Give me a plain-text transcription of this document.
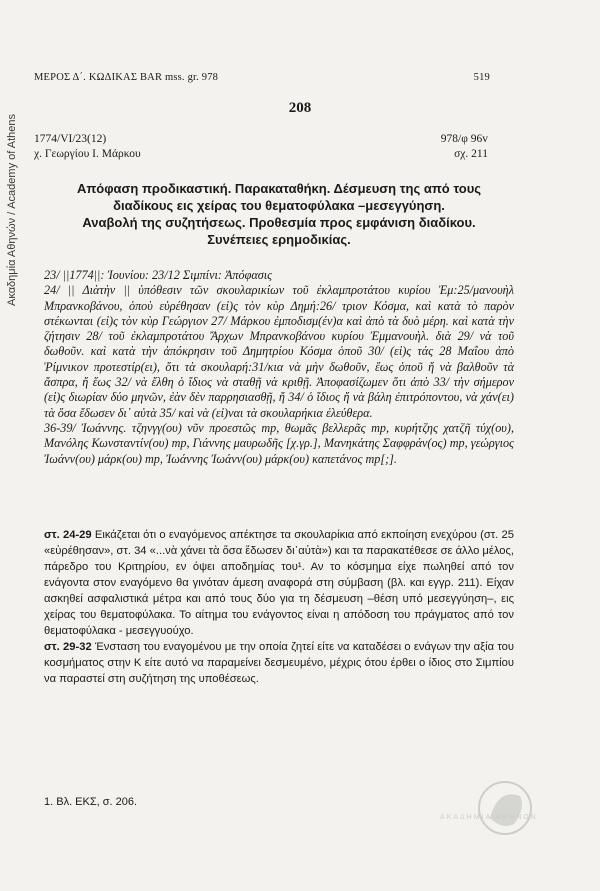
Ακαδημία Αθηνών / Academy of Athens
ΜΕΡΟΣ Δ΄. ΚΩΔΙΚΑΣ BAR mss. gr. 978	519
208
1774/VI/23(12)	978/φ 96v
χ. Γεωργίου Ι. Μάρκου	σχ. 211
Απόφαση προδικαστική. Παρακαταθήκη. Δέσμευση της από τους
διαδίκους εις χείρας του θεματοφύλακα –μεσεγγύηση.
Αναβολή της συζητήσεως. Προθεσμία προς εμφάνιση διαδίκου.
Συνέπειες ερημοδικίας.

23/ ||1774||: Ἰουνίου: 23/12 Σιμπίνι: Ἀπόφασις

24/ || Διὰτὴν || ὑπόθεσιν τῶν σκουλαρικίων τοῦ ἐκλαμπροτάτου κυρίου Ἐμ:25/μανουὴλ Μπρανκοβάνου, ὁποὺ εὑρέθησαν (εἰ)ς τὸν κὺρ Δημή:26/ τριον Κόσμα, καὶ κατὰ τὸ παρὸν στέκωνται (εἰ)ς τὸν κὺρ Γεώργιον 27/ Μάρκου ἐμποδισμ(έν)α καὶ ἀπὸ τὰ δυὸ μέρη. καὶ κατὰ τὴν ζήτησιν 28/ τοῦ ἐκλαμπροτάτου Ἄρχων Μπρανκοβάνου κυρίου Ἐμμανουὴλ. διὰ 29/ νὰ τοῦ δωθοῦν. καὶ κατὰ τὴν ἀπόκρησιν τοῦ Δημητρίου Κόσμα ὁποῦ 30/ (εἰ)ς τάς 28 Μαΐου ἀπὸ Ῥίμνικον προτεστίρ(ει), ὅτι τὰ σκουλαρή:31/κια νὰ μὴν δωθοῦν, ἕως ὁποῦ ἤ νὰ βαλθοῦν τὰ ἄσπρα, ἤ ἕως 32/ νὰ ἔλθη ὁ ἴδιος νὰ σταθῇ νὰ κριθῇ. Ἀποφασίζωμεν ὅτι ἀπὸ 33/ τὴν σήμερον (εἰ)ς διωρίαν δύο μηνῶν, ἐὰν δὲν παρρησιασθῇ, ἤ 34/ ὁ ἴδιος ἤ νὰ βάλη ἐπιτρόποντου, νὰ χάν(ει) τὰ ὅσα ἔδωσεν δι᾽ αὐτὰ 35/ καὶ νὰ (εἰ)ναι τὰ σκουλαρήκια ἐλεύθερα.

36-39/ Ἰωάννης. τζηνγγ(ου) νῦν προεστῶς mp, θωμᾶς βελλερᾶς mp, κυρήτζης χατζῆ τύχ(ου), Μανόλης Κωνσταντίν(ου) mp, Γιάννης μαυρωδῆς [χ.γρ.], Μανηκάτης Σαφφράν(ος) mp, γεώργιος Ἰωάνν(ου) μάρκ(ου) mp, Ἰωάννης Ἰωάνν(ου) μάρκ(ου) καπετάνος mp[;].

στ. 24-29 Εικάζεται ότι ο εναγόμενος απέκτησε τα σκουλαρίκια από εκποίηση ενεχύρου (στ. 25 «εὑρέθησαν», στ. 34 «...νὰ χάνει τὰ ὅσα ἔδωσεν δι᾽αὐτὰ») και τα παρακατέθεσε σε άλλο μέλος, πάρεδρο του Κριτηρίου, εν όψει αποδημίας του¹. Αν το κόσμημα είχε πωληθεί από τον ενάγοντα στον εναγόμενο θα γινόταν άμεση αναφορά στη σύμβαση (βλ. και εγγρ. 211). Είχαν ασκηθεί ασφαλιστικά μέτρα και από τους δύο για τη δέσμευση –θέση υπό μεσεγγύηση–, εις χείρας του θεματοφύλακα. Το αίτημα του ενάγοντος είναι η απόδοση του πράγματος από τον θεματοφύλακα - μεσεγγυούχο.

στ. 29-32 Ένσταση του εναγομένου με την οποία ζητεί είτε να καταδέσει ο ενάγων την αξία του κοσμήματος στην Κ είτε αυτό να παραμείνει δεσμευμένο, μέχρις ότου έρθει ο ίδιος στο Σιμπίου να παραστεί στη συζήτηση της υποθέσεως.

1. Βλ. ΕΚΣ, σ. 206.
ΑΚΑΔΗΜΙΑ ΑΘΗΝΩΝ
